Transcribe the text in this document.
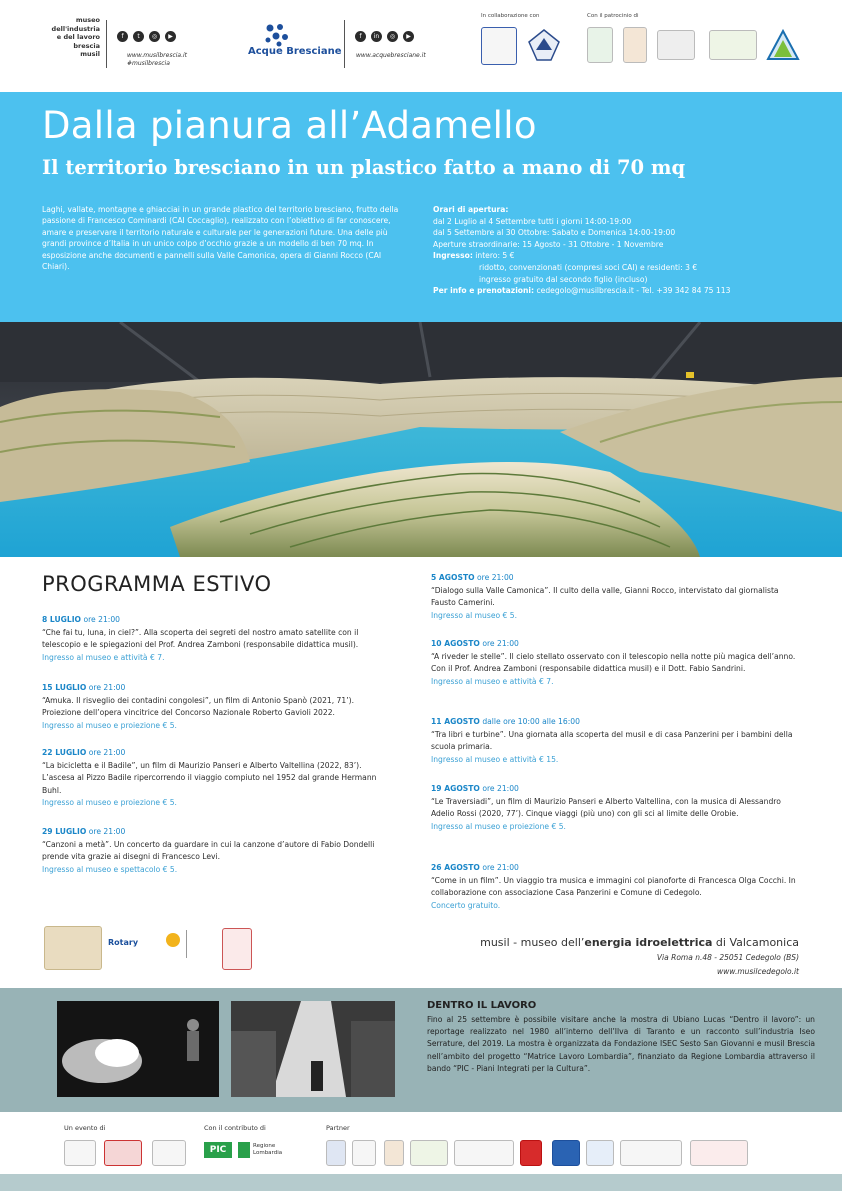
museo
dell'industria
e del lavoro
brescia
musil
f	t	◎	▶
www.musilbrescia.it
#musilbrescia
Acque Bresciane
f	in	◎	▶
www.acquebresciane.it
In collaborazione con	Con il patrocinio di
Dalla pianura all’Adamello
Il territorio bresciano in un plastico fatto a mano di 70 mq
Laghi, vallate, montagne e ghiacciai in un grande plastico del territorio bresciano, frutto della passione di Francesco Cominardi (CAI Coccaglio), realizzato con l’obiettivo di far conoscere, amare e preservare il territorio naturale e culturale per le generazioni future. Una delle più grandi province d’Italia in un unico colpo d’occhio grazie a un modello di ben 70 mq. In esposizione anche documenti e pannelli sulla Valle Camonica, opera di Gianni Rocco (CAI Chiari).
Orari di apertura:
dal 2 Luglio al 4 Settembre tutti i giorni 14:00-19:00
dal 5 Settembre al 30 Ottobre: Sabato e Domenica 14:00-19:00
Aperture straordinarie: 15 Agosto - 31 Ottobre - 1 Novembre
Ingresso: intero: 5 €
ridotto, convenzionati (compresi soci CAI) e residenti: 3 €
ingresso gratuito dal secondo figlio (incluso)
Per info e prenotazioni: cedegolo@musilbrescia.it - Tel. +39 342 84 75 113
PROGRAMMA ESTIVO
8 LUGLIO ore 21:00
“Che fai tu, luna, in ciel?”. Alla scoperta dei segreti del nostro amato satellite con il telescopio e le spiegazioni del Prof. Andrea Zamboni (responsabile didattica musil).
Ingresso al museo e attività € 7.
15 LUGLIO ore 21:00
“Amuka. Il risveglio dei contadini congolesi”, un film di Antonio Spanò (2021, 71’). Proiezione dell’opera vincitrice del Concorso Nazionale Roberto Gavioli 2022.
Ingresso al museo e proiezione € 5.
22 LUGLIO ore 21:00
“La bicicletta e il Badile”, un film di Maurizio Panseri e Alberto Valtellina (2022, 83’). L’ascesa al Pizzo Badile ripercorrendo il viaggio compiuto nel 1952 dal grande Hermann Buhl.
Ingresso al museo e proiezione € 5.
29 LUGLIO ore 21:00
“Canzoni a metà”. Un concerto da guardare in cui la canzone d’autore di Fabio Dondelli prende vita grazie ai disegni di Francesco Levi.
Ingresso al museo e spettacolo € 5.
5 AGOSTO ore 21:00
“Dialogo sulla Valle Camonica”. Il culto della valle, Gianni Rocco, intervistato dal giornalista Fausto Camerini.
Ingresso al museo € 5.
10 AGOSTO ore 21:00
“A riveder le stelle”. Il cielo stellato osservato con il telescopio nella notte più magica dell’anno. Con il Prof. Andrea Zamboni (responsabile didattica musil) e il Dott. Fabio Sandrini.
Ingresso al museo e attività € 7.
11 AGOSTO dalle ore 10:00 alle 16:00
“Tra libri e turbine”. Una giornata alla scoperta del musil e di casa Panzerini per i bambini della scuola primaria.
Ingresso al museo e attività € 15.
19 AGOSTO ore 21:00
“Le Traversiadi”, un film di Maurizio Panseri e Alberto Valtellina, con la musica di Alessandro Adelio Rossi (2020, 77’). Cinque viaggi (più uno) con gli sci al limite delle Orobie.
Ingresso al museo e proiezione € 5.
26 AGOSTO ore 21:00
“Come in un film”. Un viaggio tra musica e immagini col pianoforte di Francesca Olga Cocchi. In collaborazione con associazione Casa Panzerini e Comune di Cedegolo.
Concerto gratuito.
Rotary	musil - museo dell’energia idroelettrica di Valcamonica
Via Roma n.48 - 25051 Cedegolo (BS)
www.musilcedegolo.it
DENTRO IL LAVORO
Fino al 25 settembre è possibile visitare anche la mostra di Ubiano Lucas “Dentro il lavoro”: un reportage realizzato nel 1980 all’interno dell’Ilva di Taranto e un racconto sull’industria Iseo Serrature, del 2019. La mostra è organizzata da Fondazione ISEC Sesto San Giovanni e musil Brescia nell’ambito del progetto “Matrice Lavoro Lombardia”, finanziato da Regione Lombardia attraverso il bando “PIC - Piani Integrati per la Cultura”.
Un evento di	Con il contributo di	Partner
PIC	Regione Lombardia
